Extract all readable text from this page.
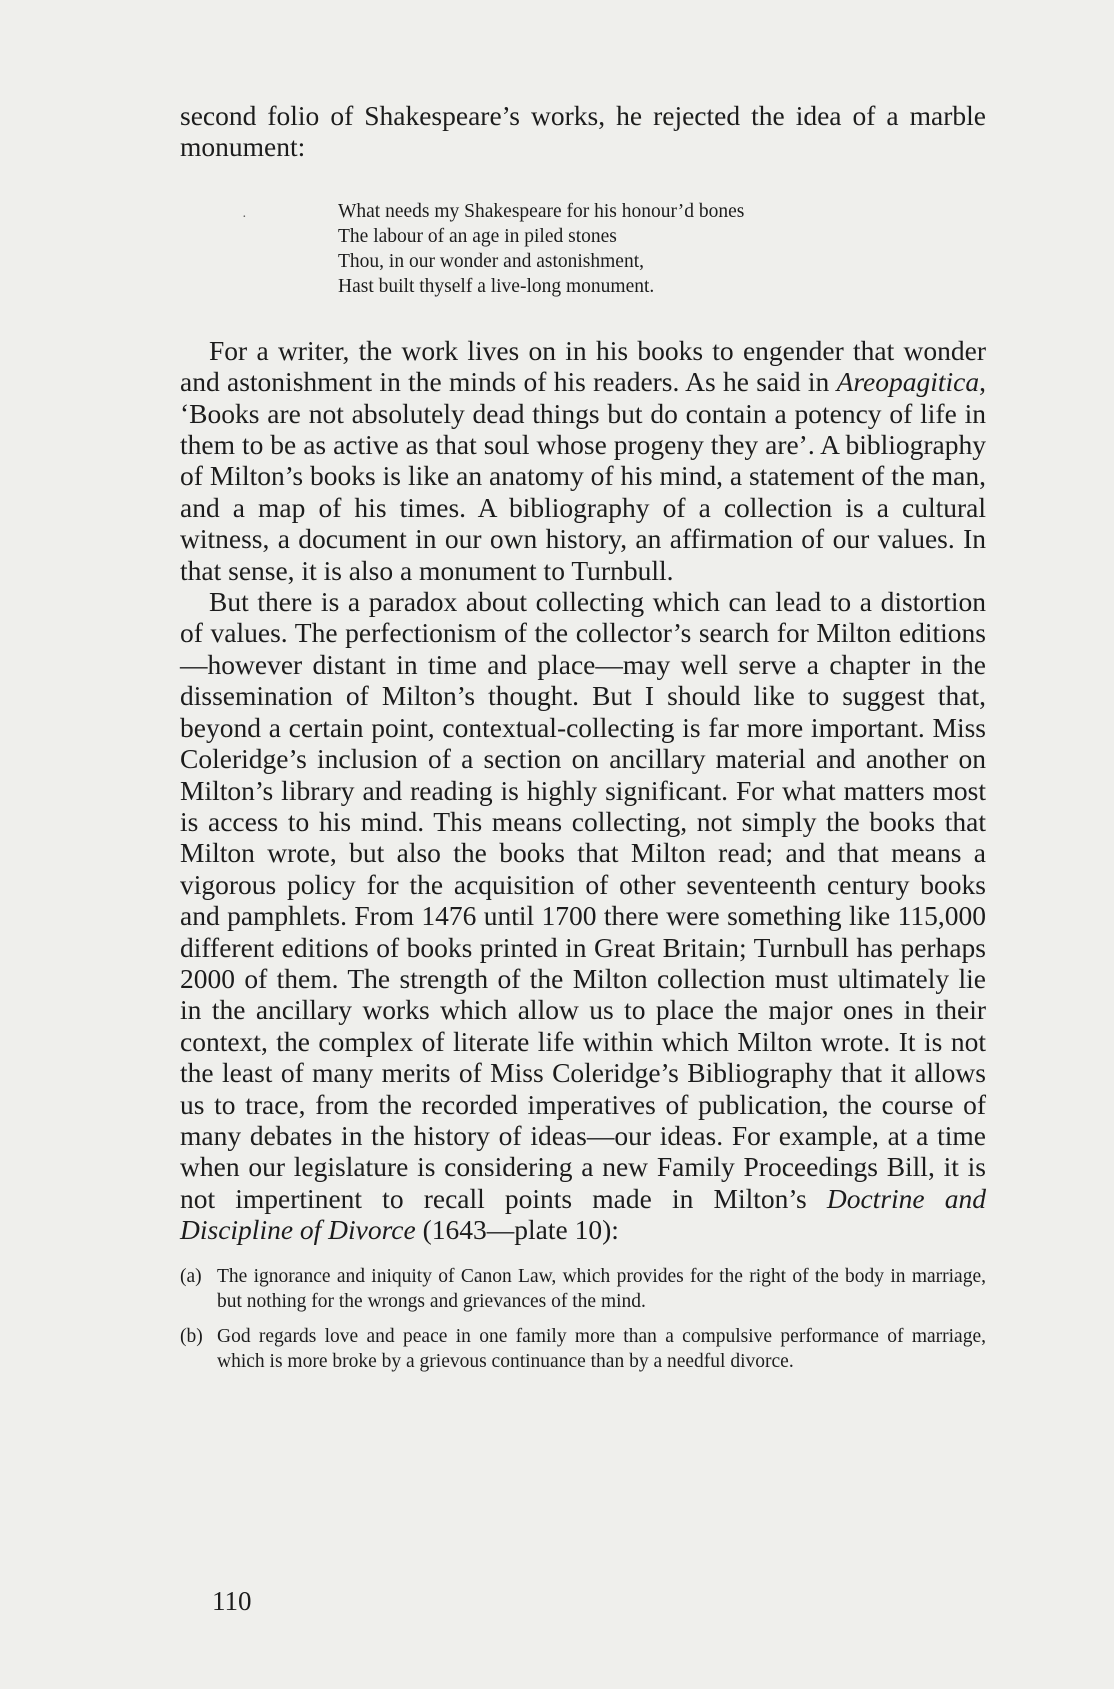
·

second folio of Shakespeare’s works, he rejected the idea of a marble monument:

What needs my Shakespeare for his honour’d bones
The labour of an age in piled stones
Thou, in our wonder and astonishment,
Hast built thyself a live-long monument.

For a writer, the work lives on in his books to engender that wonder and astonishment in the minds of his readers. As he said in Areopagitica, ‘Books are not absolutely dead things but do contain a potency of life in them to be as active as that soul whose progeny they are’. A bibliography of Milton’s books is like an anatomy of his mind, a statement of the man, and a map of his times. A bibliography of a collection is a cultural witness, a document in our own history, an affirmation of our values. In that sense, it is also a monument to Turnbull.

But there is a paradox about collecting which can lead to a distortion of values. The perfectionism of the collector’s search for Milton editions—however distant in time and place—may well serve a chapter in the dissemination of Milton’s thought. But I should like to suggest that, beyond a certain point, contextual-collecting is far more important. Miss Coleridge’s inclusion of a section on ancillary material and another on Milton’s library and reading is highly significant. For what matters most is access to his mind. This means collecting, not simply the books that Milton wrote, but also the books that Milton read; and that means a vigorous policy for the acquisition of other seventeenth century books and pamphlets. From 1476 until 1700 there were something like 115,000 different editions of books printed in Great Britain; Turnbull has perhaps 2000 of them. The strength of the Milton collection must ultimately lie in the ancillary works which allow us to place the major ones in their context, the complex of literate life within which Milton wrote. It is not the least of many merits of Miss Coleridge’s Bibliography that it allows us to trace, from the recorded imperatives of publication, the course of many debates in the history of ideas—our ideas. For example, at a time when our legislature is considering a new Family Proceedings Bill, it is not impertinent to recall points made in Milton’s Doctrine and Discipline of Divorce (1643—plate 10):

(a) The ignorance and iniquity of Canon Law, which provides for the right of the body in marriage, but nothing for the wrongs and grievances of the mind.
(b) God regards love and peace in one family more than a compulsive performance of marriage, which is more broke by a grievous continuance than by a needful divorce.
110
